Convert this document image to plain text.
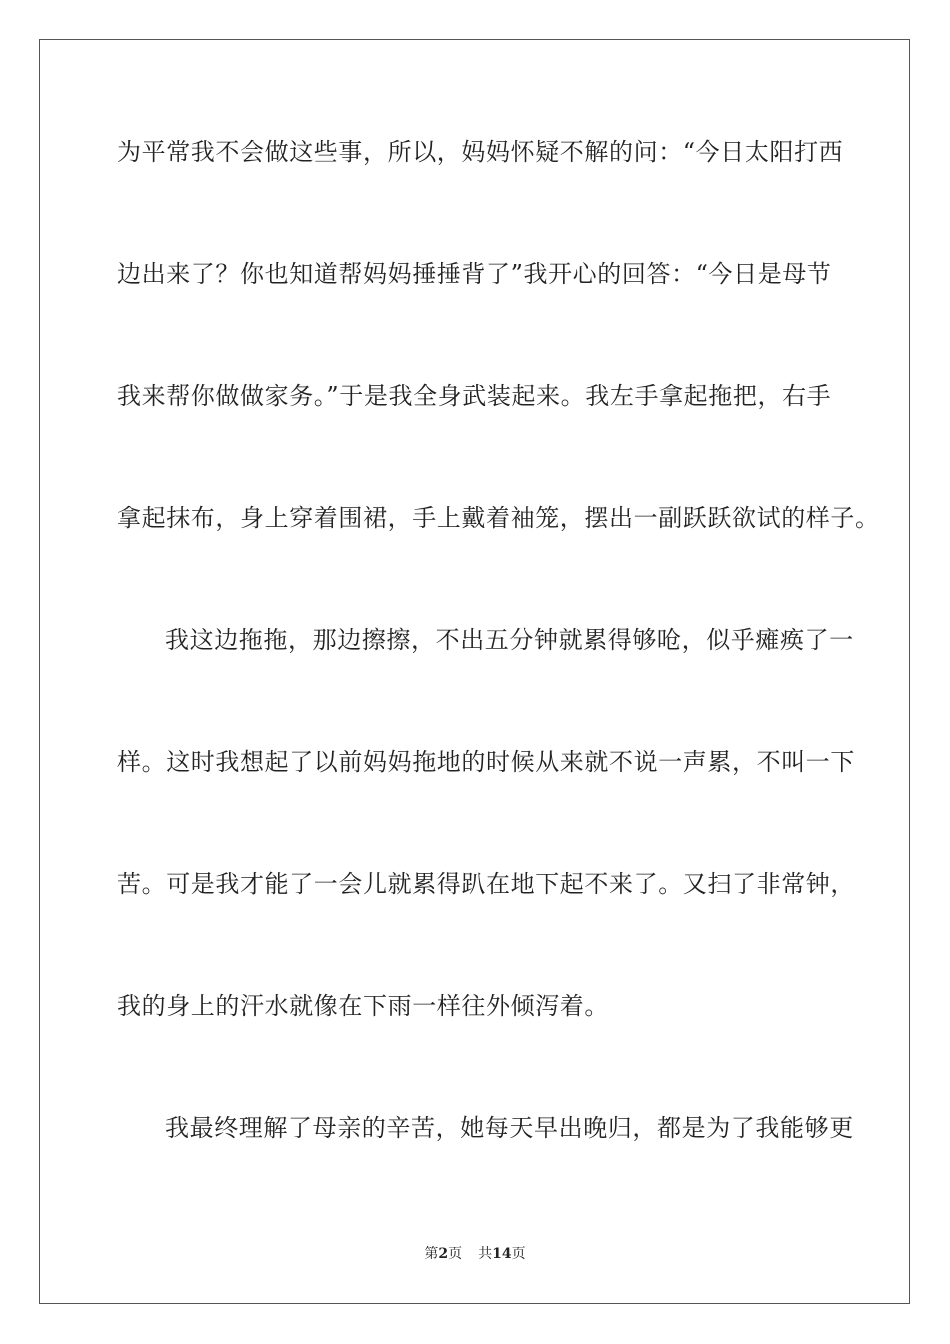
为平常我不会做这些事，所以，妈妈怀疑不解的问：“今日太阳打西
边出来了？你也知道帮妈妈捶捶背了”我开心的回答：“今日是母节
我来帮你做做家务。”于是我全身武装起来。我左手拿起拖把，右手
拿起抹布，身上穿着围裙，手上戴着袖笼，摆出一副跃跃欲试的样子。
我这边拖拖，那边擦擦，不出五分钟就累得够呛，似乎瘫痪了一
样。这时我想起了以前妈妈拖地的时候从来就不说一声累，不叫一下
苦。可是我才能了一会儿就累得趴在地下起不来了。又扫了非常钟，
我的身上的汗水就像在下雨一样往外倾泻着。
我最终理解了母亲的辛苦，她每天早出晚归，都是为了我能够更
第2页 共14页
